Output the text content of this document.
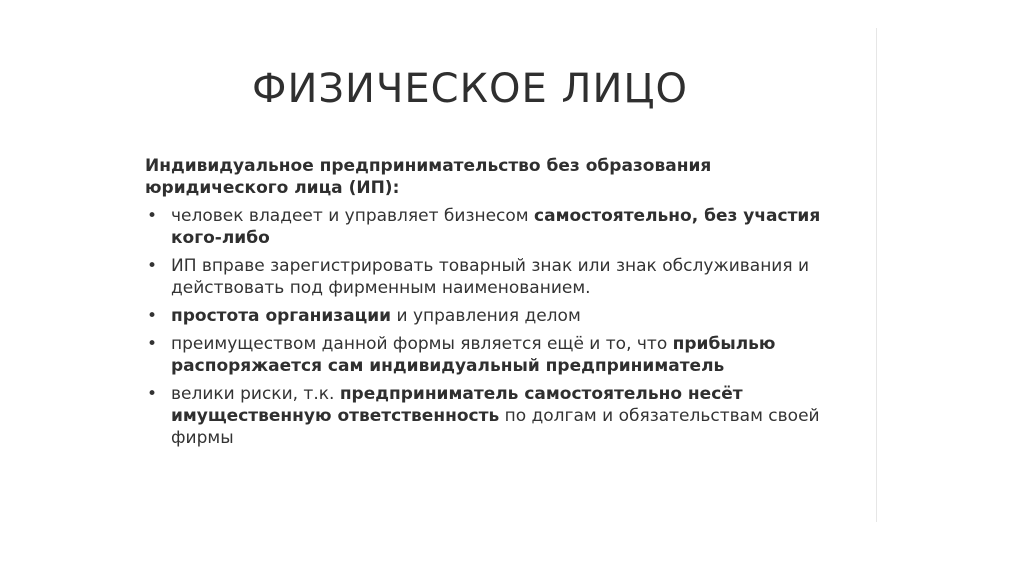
ФИЗИЧЕСКОЕ ЛИЦО

Индивидуальное предпринимательство без образования юридического лица (ИП):

• человек владеет и управляет бизнесом самостоятельно, без участия кого-либо
• ИП вправе зарегистрировать товарный знак или знак обслуживания и действовать под фирменным наименованием.
• простота организации и управления делом
• преимуществом данной формы является ещё и то, что прибылью распоряжается сам индивидуальный предприниматель
• велики риски, т.к. предприниматель самостоятельно несёт имущественную ответственность по долгам и обязательствам своей фирмы
